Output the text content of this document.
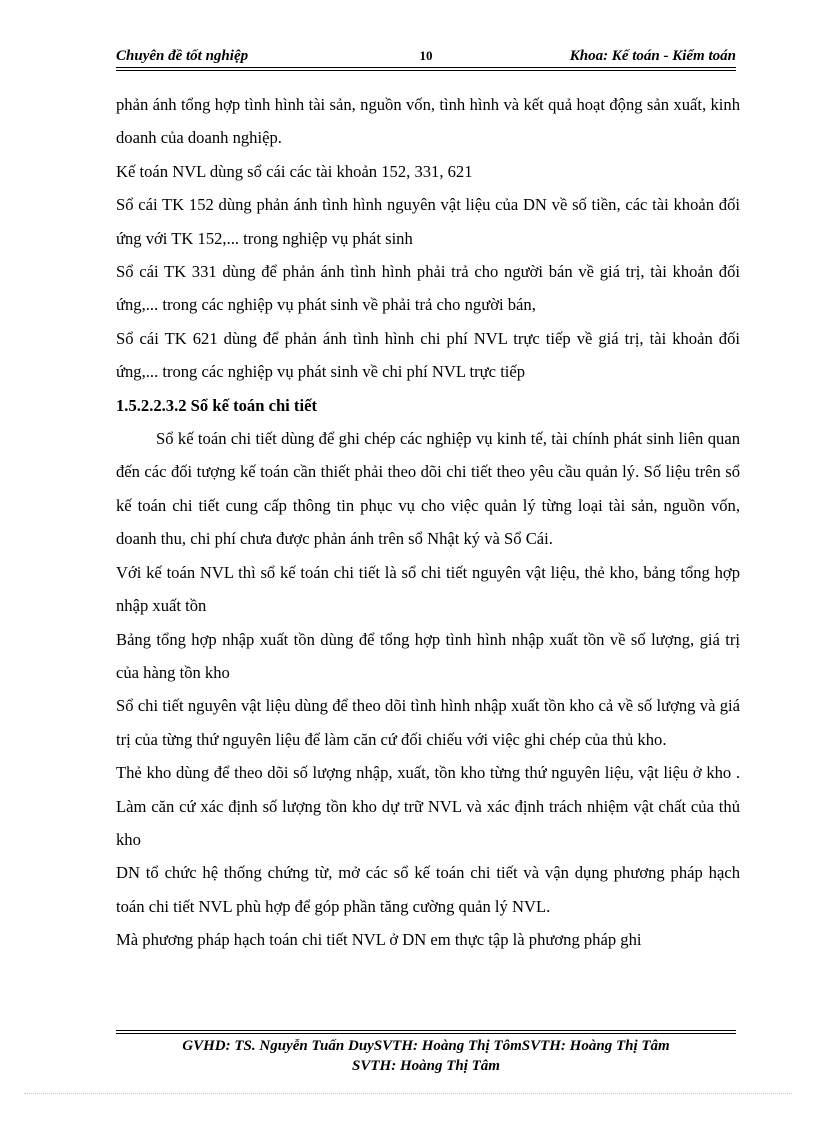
Chuyên đề tốt nghiệp	10	Khoa: Kế toán - Kiểm toán

phản ánh tổng hợp tình hình tài sản, nguồn vốn, tình hình và kết quả hoạt động sản xuất, kinh doanh của doanh nghiệp.

Kế toán NVL dùng sổ cái các tài khoản 152, 331, 621

Sổ cái TK 152 dùng phản ánh tình hình nguyên vật liệu của DN về số tiền, các tài khoản đối ứng với TK 152,... trong nghiệp vụ phát sinh

Sổ cái TK 331 dùng để phản ánh tình hình phải trả cho người bán về giá trị, tài khoản đối ứng,... trong các nghiệp vụ phát sinh về phải trả cho người bán,

Sổ cái TK 621 dùng để phản ánh tình hình chi phí NVL trực tiếp về giá trị, tài khoản đối ứng,... trong các nghiệp vụ phát sinh về chi phí NVL trực tiếp

1.5.2.2.3.2 Sổ kế toán chi tiết

Sổ kế toán chi tiết dùng để ghi chép các nghiệp vụ kinh tế, tài chính phát sinh liên quan đến các đối tượng kế toán cần thiết phải theo dõi chi tiết theo yêu cầu quản lý. Số liệu trên sổ kế toán chi tiết cung cấp thông tin phục vụ cho việc quản lý từng loại tài sản, nguồn vốn, doanh thu, chi phí chưa được phản ánh trên sổ Nhật ký và Sổ Cái.

Với kế toán NVL thì sổ kế toán chi tiết là sổ chi tiết nguyên vật liệu, thẻ kho, bảng tổng hợp nhập xuất tồn

Bảng tổng hợp nhập xuất tồn dùng để tổng hợp tình hình nhập xuất tồn về số lượng, giá trị của hàng tồn kho

Sổ chi tiết nguyên vật liệu dùng để theo dõi tình hình nhập xuất tồn kho cả về số lượng và giá trị của từng thứ nguyên liệu để làm căn cứ đối chiếu với việc ghi chép của thủ kho.

Thẻ kho dùng để theo dõi số lượng nhập, xuất, tồn kho từng thứ nguyên liệu, vật liệu ở kho . Làm căn cứ xác định số lượng tồn kho dự trữ NVL và xác định trách nhiệm vật chất của thủ kho

DN tổ chức hệ thống chứng từ, mở các sổ kế toán chi tiết và vận dụng phương pháp hạch toán chi tiết NVL phù hợp để góp phần tăng cường quản lý NVL.

Mà phương pháp hạch toán chi tiết NVL ở DN em thực tập là phương pháp ghi

GVHD: TS. Nguyễn Tuấn DuySVTH: Hoàng Thị TômSVTH: Hoàng Thị Tâm
SVTH: Hoàng Thị Tâm
